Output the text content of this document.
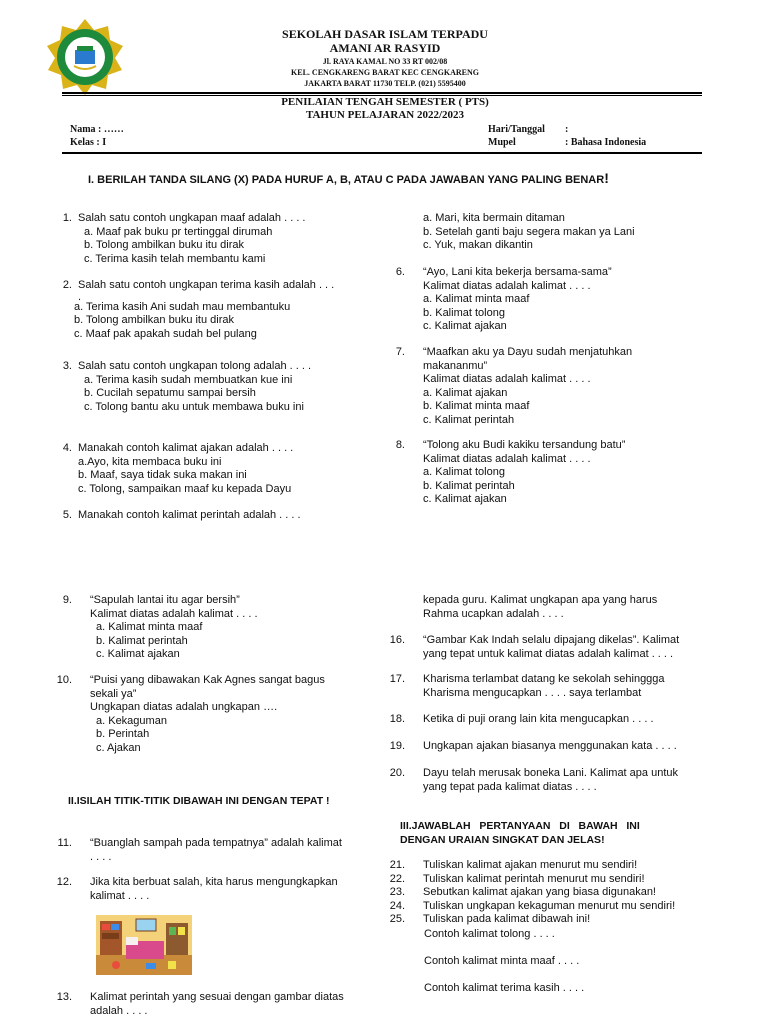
SEKOLAH DASAR ISLAM TERPADU
AMANI AR RASYID
Jl. RAYA KAMAL NO 33 RT 002/08
KEL. CENGKARENG BARAT KEC CENGKARENG
JAKARTA BARAT 11730 TELP. (021) 5595400
PENILAIAN TENGAH SEMESTER ( PTS)
TAHUN PELAJARAN 2022/2023
Nama : ……
Kelas : I
Hari/Tanggal :
Mupel	: Bahasa Indonesia
I. BERILAH TANDA SILANG (X) PADA HURUF A, B, ATAU C PADA JAWABAN YANG PALING BENAR!
1. Salah satu contoh ungkapan maaf adalah . . . .
a. Maaf pak buku pr tertinggal dirumah
b. Tolong ambilkan buku itu dirak
c. Terima kasih telah membantu kami
2. Salah satu contoh ungkapan terima kasih adalah . . .
.
a. Terima kasih Ani sudah mau membantuku
b. Tolong ambilkan buku itu dirak
c. Maaf pak apakah sudah bel pulang
3. Salah satu contoh ungkapan tolong adalah . . . .
a. Terima kasih sudah membuatkan kue ini
b. Cucilah sepatumu sampai bersih
c. Tolong bantu aku untuk membawa buku ini
4. Manakah contoh kalimat ajakan adalah . . . .
a.Ayo, kita membaca buku ini
b. Maaf, saya tidak suka makan ini
c. Tolong, sampaikan maaf ku kepada Dayu
5. Manakah contoh kalimat perintah adalah . . . .
a. Mari, kita bermain ditaman
b. Setelah ganti baju segera makan ya Lani
c. Yuk, makan dikantin
6. “Ayo, Lani kita bekerja bersama-sama”
Kalimat diatas adalah kalimat . . . .
a. Kalimat minta maaf
b. Kalimat tolong
c. Kalimat ajakan
7. “Maafkan aku ya Dayu sudah menjatuhkan
makananmu”
Kalimat diatas adalah kalimat . . . .
a. Kalimat ajakan
b. Kalimat minta maaf
c. Kalimat perintah
8. “Tolong aku Budi kakiku tersandung batu”
Kalimat diatas adalah kalimat . . . .
a. Kalimat tolong
b. Kalimat perintah
c. Kalimat ajakan
9. “Sapulah lantai itu agar bersih”
Kalimat diatas adalah kalimat . . . .
a. Kalimat minta maaf
b. Kalimat perintah
c. Kalimat ajakan
10. “Puisi yang dibawakan Kak Agnes sangat bagus
sekali ya”
Ungkapan diatas adalah ungkapan ….
a. Kekaguman
b. Perintah
c. Ajakan
II.ISILAH TITIK-TITIK DIBAWAH INI DENGAN TEPAT !
11. “Buanglah sampah pada tempatnya” adalah kalimat
. . . .
12. Jika kita berbuat salah, kita harus mengungkapkan
kalimat . . . .
13. Kalimat perintah yang sesuai dengan gambar diatas
adalah . . . .
kepada guru. Kalimat ungkapan apa yang harus
Rahma ucapkan adalah . . . .
16. “Gambar Kak Indah selalu dipajang dikelas”. Kalimat
yang tepat untuk kalimat diatas adalah kalimat . . . .
17. Kharisma terlambat datang ke sekolah sehinggga
Kharisma mengucapkan . . . . saya terlambat
18. Ketika di puji orang lain kita mengucapkan . . . .
19. Ungkapan ajakan biasanya menggunakan kata . . . .
20. Dayu telah merusak boneka Lani. Kalimat apa untuk
yang tepat pada kalimat diatas . . . .
III.JAWABLAH   PERTANYAAN   DI   BAWAH   INI
DENGAN URAIAN SINGKAT DAN JELAS!
21. Tuliskan kalimat ajakan menurut mu sendiri!
22. Tuliskan kalimat perintah menurut mu sendiri!
23. Sebutkan kalimat ajakan yang biasa digunakan!
24. Tuliskan ungkapan kekaguman menurut mu sendiri!
25. Tuliskan pada kalimat dibawah ini!
Contoh kalimat tolong . . . .
Contoh kalimat minta maaf . . . .
Contoh kalimat terima kasih . . . .
